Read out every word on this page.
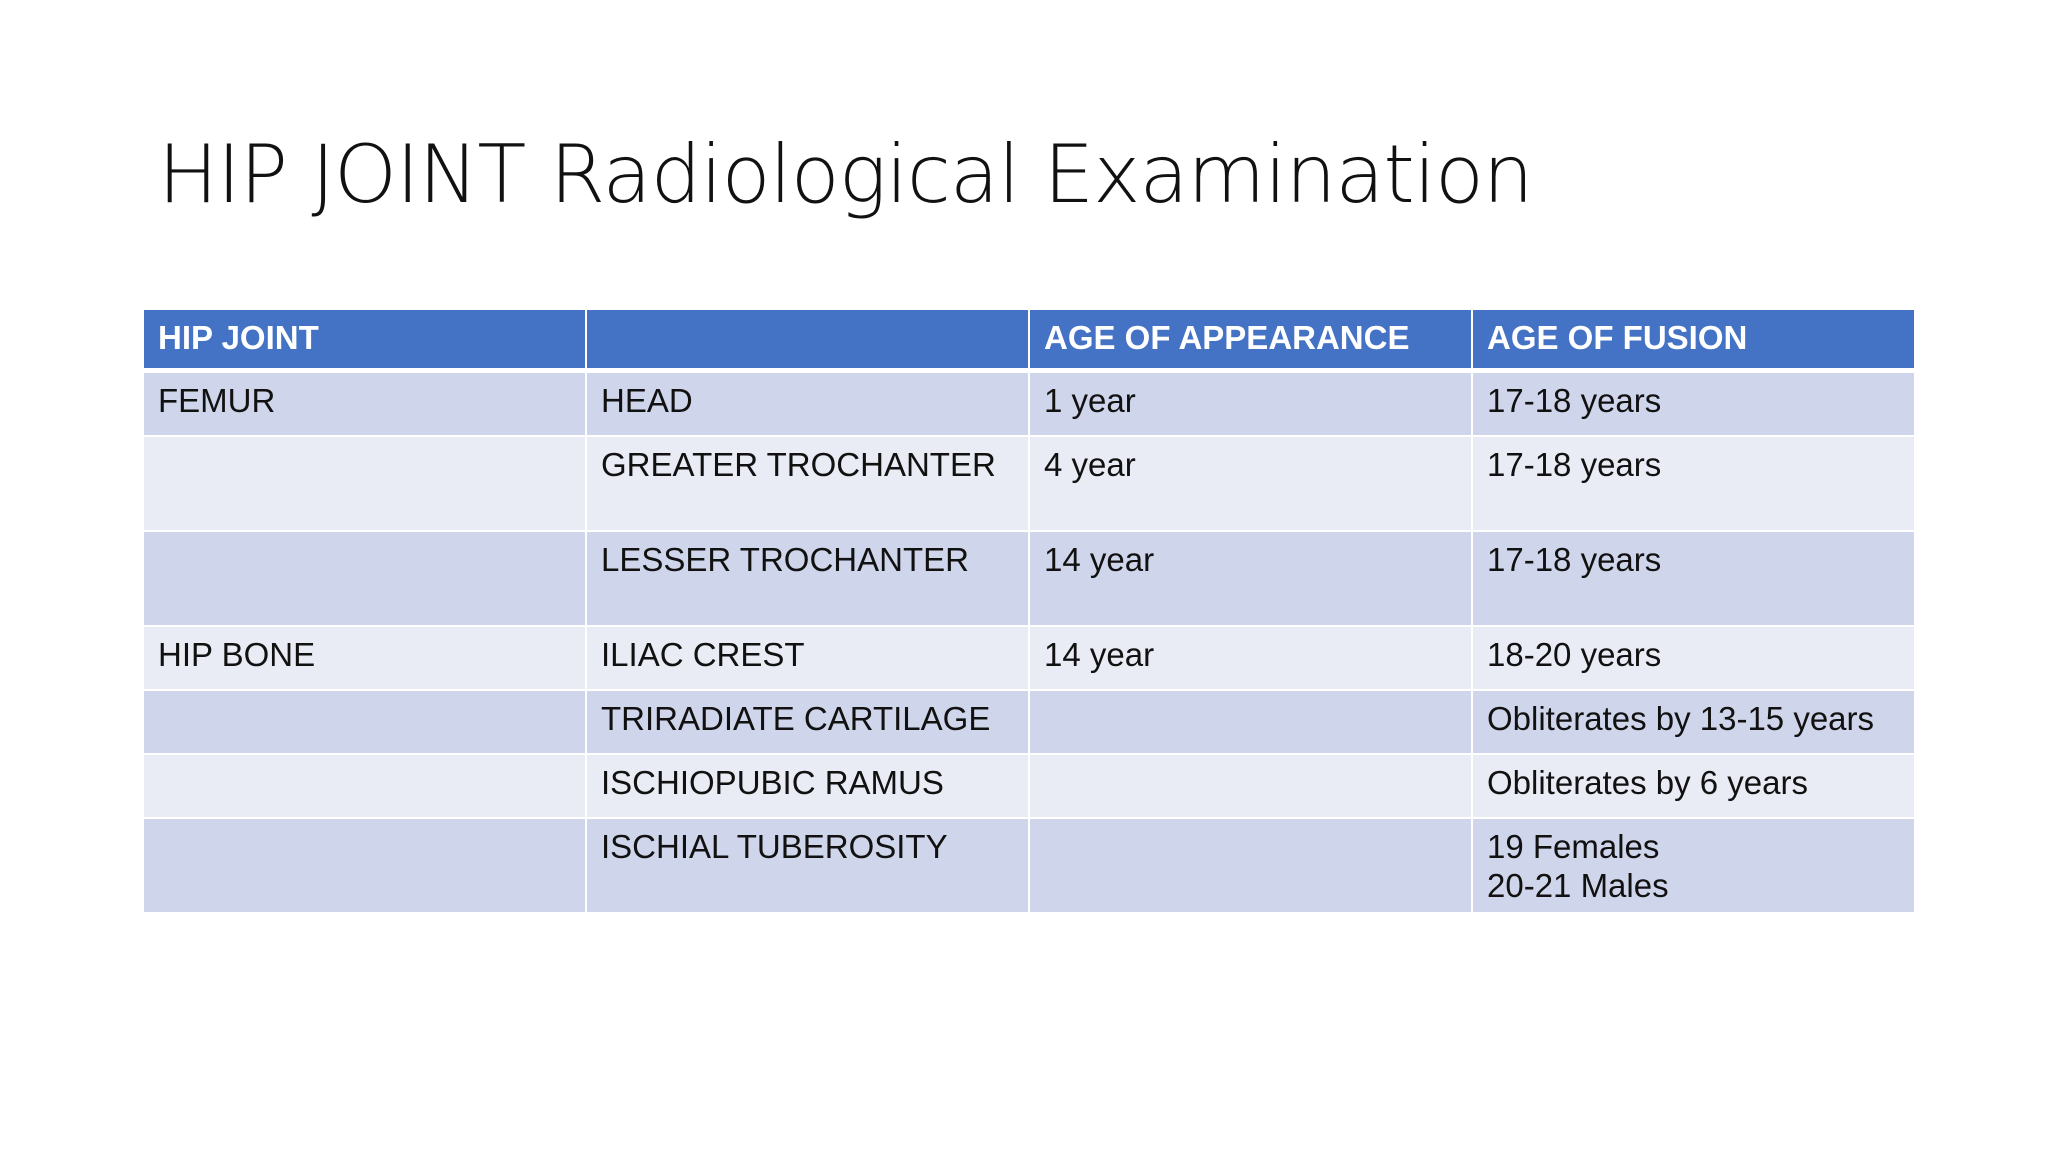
HIP JOINT Radiological Examination
HIP JOINT		AGE OF APPEARANCE	AGE OF FUSION
FEMUR	HEAD	1 year	17-18 years

	GREATER TROCHANTER	4 year	17-18 years

	LESSER TROCHANTER	14 year	17-18 years

HIP BONE	ILIAC CREST	14 year	18-20 years

	TRIRADIATE CARTILAGE		Obliterates by 13-15 years

	ISCHIOPUBIC RAMUS		Obliterates by 6 years

	ISCHIAL TUBEROSITY		19 Females
20-21 Males
